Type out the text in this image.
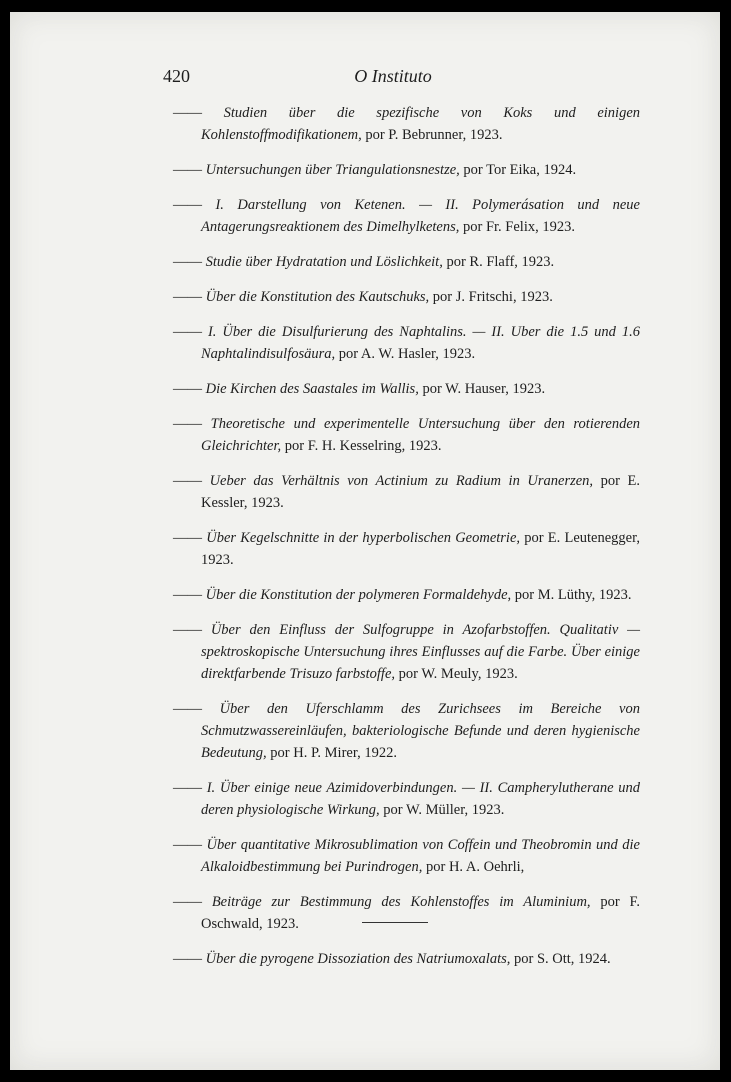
420	O Instituto

—— Studien über die spezifische von Koks und einigen Kohlenstoffmodifikationem, por P. Bebrunner, 1923.

—— Untersuchungen über Triangulationsnestze, por Tor Eika, 1924.

—— I. Darstellung von Ketenen. — II. Polymerásation und neue Antagerungsreaktionem des Dimelhylketens, por Fr. Felix, 1923.

—— Studie über Hydratation und Löslichkeit, por R. Flaff, 1923.

—— Über die Konstitution des Kautschuks, por J. Fritschi, 1923.

—— I. Über die Disulfurierung des Naphtalins. — II. Uber die 1.5 und 1.6 Naphtalindisulfosäura, por A. W. Hasler, 1923.

—— Die Kirchen des Saastales im Wallis, por W. Hauser, 1923.

—— Theoretische und experimentelle Untersuchung über den rotierenden Gleichrichter, por F. H. Kesselring, 1923.

—— Ueber das Verhältnis von Actinium zu Radium in Uranerzen, por E. Kessler, 1923.

—— Über Kegelschnitte in der hyperbolischen Geometrie, por E. Leutenegger, 1923.

—— Über die Konstitution der polymeren Formaldehyde, por M. Lüthy, 1923.

—— Über den Einfluss der Sulfogruppe in Azofarbstoffen. Qualitativ — spektroskopische Untersuchung ihres Einflusses auf die Farbe. Über einige direktfarbende Trisuzo farbstoffe, por W. Meuly, 1923.

—— Über den Uferschlamm des Zurichsees im Bereiche von Schmutzwassereinläufen, bakteriologische Befunde und deren hygienische Bedeutung, por H. P. Mirer, 1922.

—— I. Über einige neue Azimidoverbindungen. — II. Campherylutherane und deren physiologische Wirkung, por W. Müller, 1923.

—— Über quantitative Mikrosublimation von Coffein und Theobromin und die Alkaloidbestimmung bei Purindrogen, por H. A. Oehrli,

—— Beiträge zur Bestimmung des Kohlenstoffes im Aluminium, por F. Oschwald, 1923.

—— Über die pyrogene Dissoziation des Natriumoxalats, por S. Ott, 1924.
